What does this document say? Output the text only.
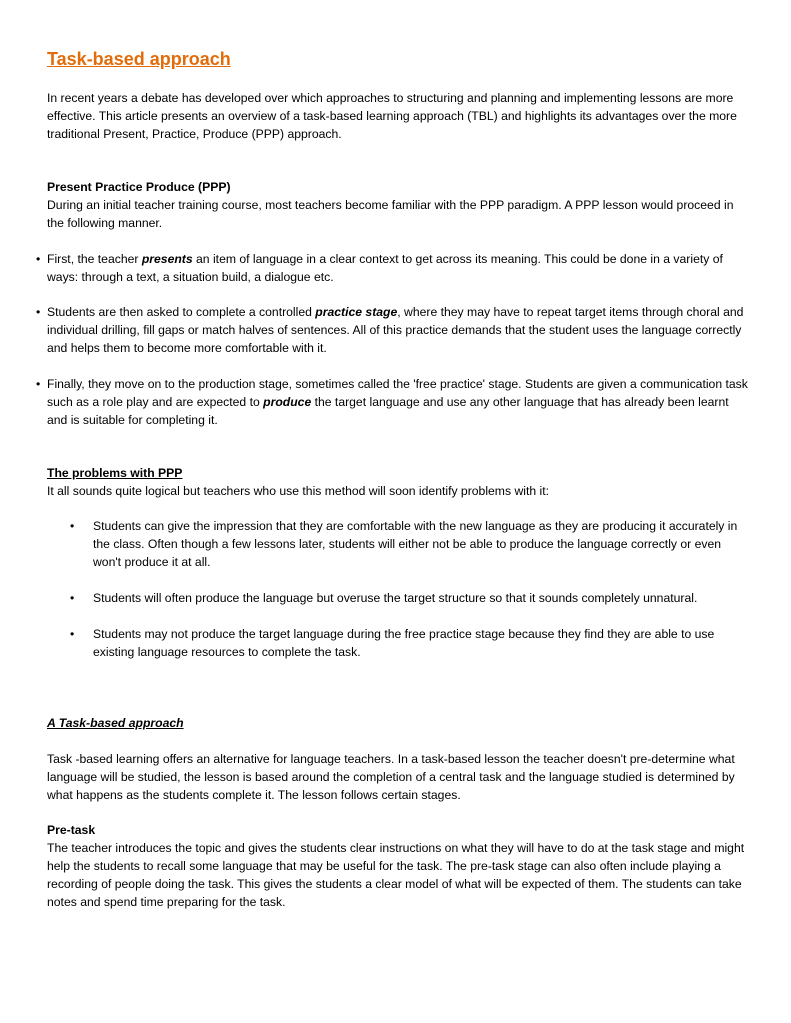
Task-based approach

In recent years a debate has developed over which approaches to structuring and planning and implementing lessons are more effective. This article presents an overview of a task-based learning approach (TBL) and highlights its advantages over the more traditional Present, Practice, Produce (PPP) approach.

Present Practice Produce (PPP)

During an initial teacher training course, most teachers become familiar with the PPP paradigm. A PPP lesson would proceed in the following manner.

• First, the teacher presents an item of language in a clear context to get across its meaning. This could be done in a variety of ways: through a text, a situation build, a dialogue etc.
• Students are then asked to complete a controlled practice stage, where they may have to repeat target items through choral and individual drilling, fill gaps or match halves of sentences. All of this practice demands that the student uses the language correctly and helps them to become more comfortable with it.
• Finally, they move on to the production stage, sometimes called the 'free practice' stage. Students are given a communication task such as a role play and are expected to produce the target language and use any other language that has already been learnt and is suitable for completing it.

The problems with PPP

It all sounds quite logical but teachers who use this method will soon identify problems with it:

•	Students can give the impression that they are comfortable with the new language as they are producing it accurately in the class. Often though a few lessons later, students will either not be able to produce the language correctly or even won't produce it at all.
•	Students will often produce the language but overuse the target structure so that it sounds completely unnatural.
•	Students may not produce the target language during the free practice stage because they find they are able to use existing language resources to complete the task.

A Task-based approach

Task -based learning offers an alternative for language teachers. In a task-based lesson the teacher doesn't pre-determine what language will be studied, the lesson is based around the completion of a central task and the language studied is determined by what happens as the students complete it. The lesson follows certain stages.

Pre-task

The teacher introduces the topic and gives the students clear instructions on what they will have to do at the task stage and might help the students to recall some language that may be useful for the task. The pre-task stage can also often include playing a recording of people doing the task. This gives the students a clear model of what will be expected of them. The students can take notes and spend time preparing for the task.
